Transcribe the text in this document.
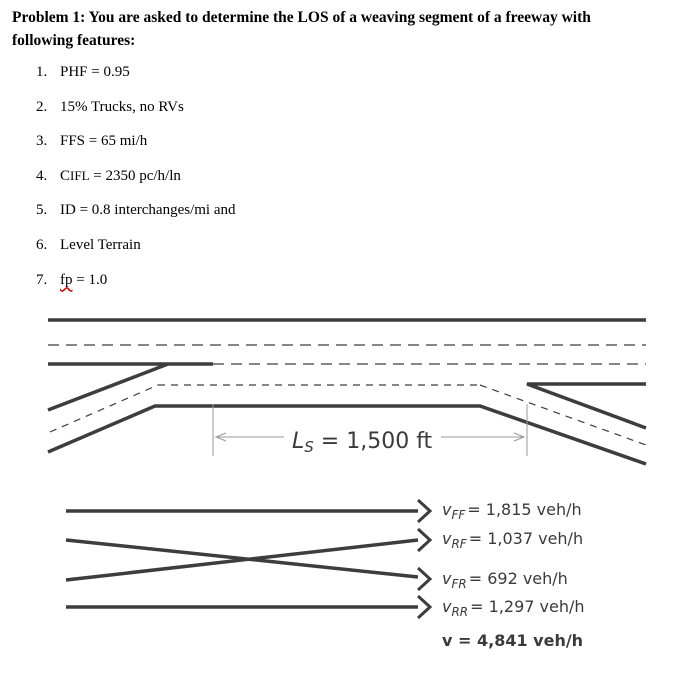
Problem 1: You are asked to determine the LOS of a weaving segment of a freeway with following features:
1. PHF = 0.95
2. 15% Trucks, no RVs
3. FFS = 65 mi/h
4. CIFL = 2350 pc/h/ln
5. ID = 0.8 interchanges/mi and
6. Level Terrain
7. fp = 1.0
LS = 1,500 ft
$v_{FF} = 1,815$ veh/h
$v_{RF} = 1,037$ veh/h
$v_{FR} = 692$ veh/h
$v_{RR} = 1,297$ veh/h
v = 4,841 veh/h
